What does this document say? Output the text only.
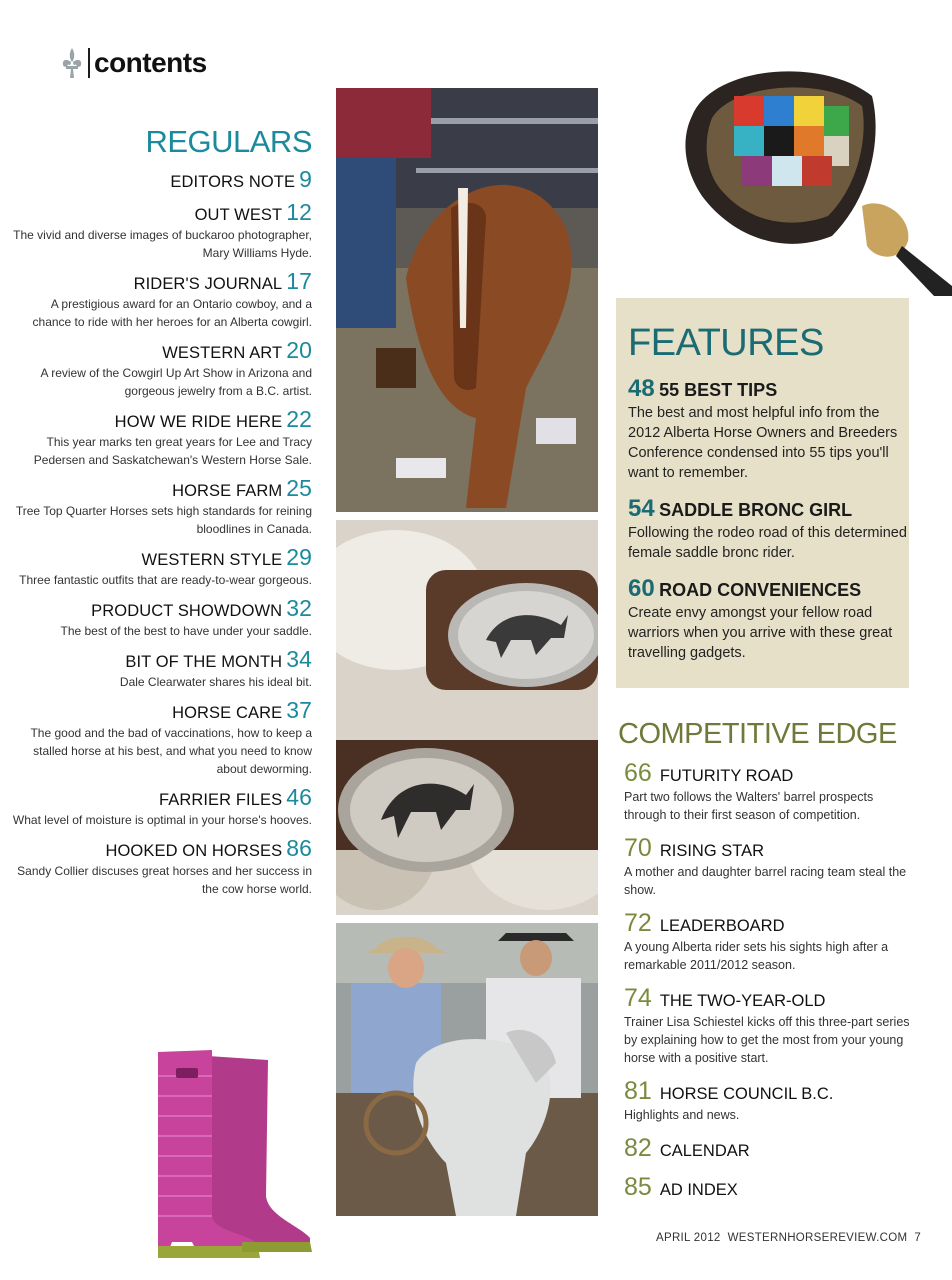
contents
REGULARS
EDITORS NOTE 9
OUT WEST 12
The vivid and diverse images of buckaroo photographer, Mary Williams Hyde.
RIDER'S JOURNAL 17
A prestigious award for an Ontario cowboy, and a chance to ride with her heroes for an Alberta cowgirl.
WESTERN ART 20
A review of the Cowgirl Up Art Show in Arizona and gorgeous jewelry from a B.C. artist.
HOW WE RIDE HERE 22
This year marks ten great years for Lee and Tracy Pedersen and Saskatchewan's Western Horse Sale.
HORSE FARM 25
Tree Top Quarter Horses sets high standards for reining bloodlines in Canada.
WESTERN STYLE 29
Three fantastic outfits that are ready-to-wear gorgeous.
PRODUCT SHOWDOWN 32
The best of the best to have under your saddle.
BIT OF THE MONTH 34
Dale Clearwater shares his ideal bit.
HORSE CARE 37
The good and the bad of vaccinations, how to keep a stalled horse at his best, and what you need to know about deworming.
FARRIER FILES 46
What level of moisture is optimal in your horse's hooves.
HOOKED ON HORSES 86
Sandy Collier discuses great horses and her success in the cow horse world.
FEATURES
48 55 BEST TIPS
The best and most helpful info from the 2012 Alberta Horse Owners and Breeders Conference condensed into 55 tips you'll want to remember.
54 SADDLE BRONC GIRL
Following the rodeo road of this determined female saddle bronc rider.
60 ROAD CONVENIENCES
Create envy amongst your fellow road warriors when you arrive with these great travelling gadgets.
COMPETITIVE EDGE
66 FUTURITY ROAD
Part two follows the Walters' barrel prospects through to their first season of competition.
70 RISING STAR
A mother and daughter barrel racing team steal the show.
72 LEADERBOARD
A young Alberta rider sets his sights high after a remarkable 2011/2012 season.
74 THE TWO-YEAR-OLD
Trainer Lisa Schiestel kicks off this three-part series by explaining how to get the most from your young horse with a positive start.
81 HORSE COUNCIL B.C.
Highlights and news.
82 CALENDAR
85 AD INDEX
APRIL 2012 WESTERNHORSEREVIEW.COM 7
